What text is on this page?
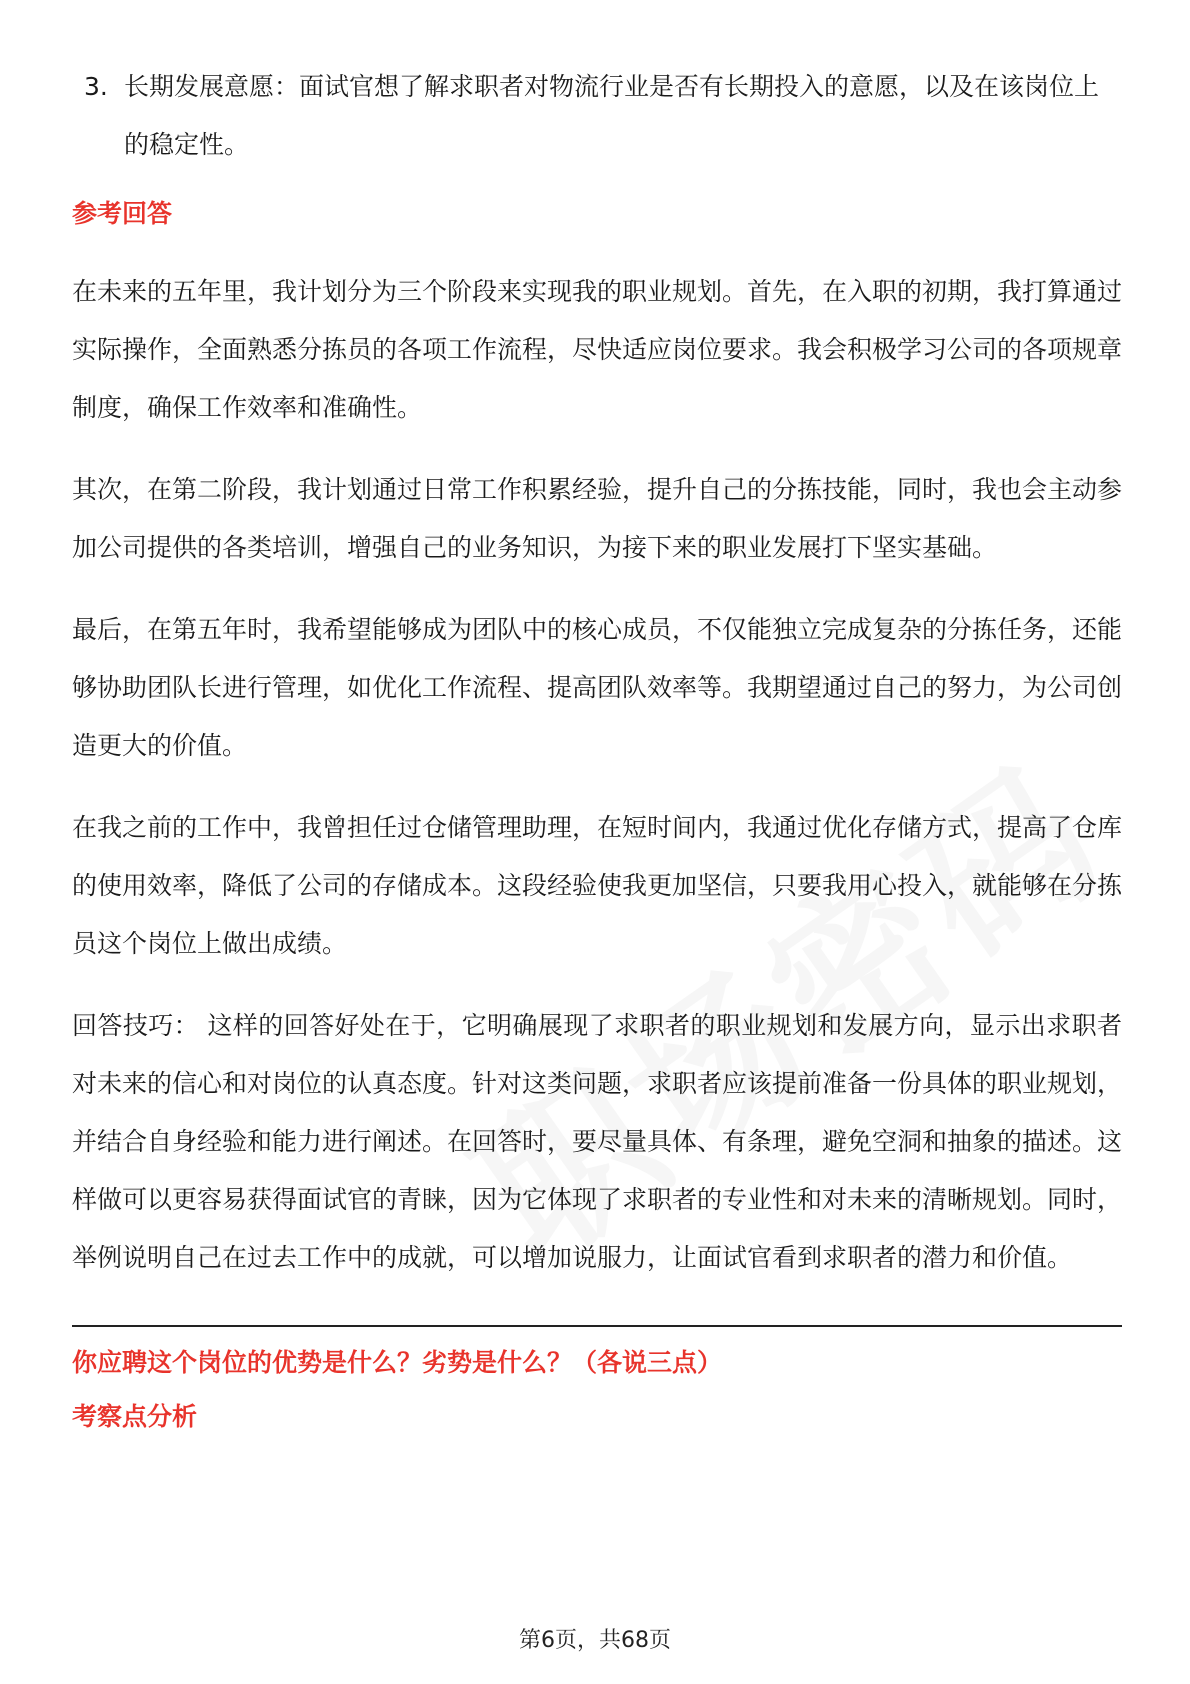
3. 长期发展意愿：面试官想了解求职者对物流行业是否有长期投入的意愿，以及在该岗位上的稳定性。

参考回答

在未来的五年里，我计划分为三个阶段来实现我的职业规划。首先，在入职的初期，我打算通过实际操作，全面熟悉分拣员的各项工作流程，尽快适应岗位要求。我会积极学习公司的各项规章制度，确保工作效率和准确性。

其次，在第二阶段，我计划通过日常工作积累经验，提升自己的分拣技能，同时，我也会主动参加公司提供的各类培训，增强自己的业务知识，为接下来的职业发展打下坚实基础。

最后，在第五年时，我希望能够成为团队中的核心成员，不仅能独立完成复杂的分拣任务，还能够协助团队长进行管理，如优化工作流程、提高团队效率等。我期望通过自己的努力，为公司创造更大的价值。

在我之前的工作中，我曾担任过仓储管理助理，在短时间内，我通过优化存储方式，提高了仓库的使用效率，降低了公司的存储成本。这段经验使我更加坚信，只要我用心投入，就能够在分拣员这个岗位上做出成绩。

回答技巧： 这样的回答好处在于，它明确展现了求职者的职业规划和发展方向，显示出求职者对未来的信心和对岗位的认真态度。针对这类问题，求职者应该提前准备一份具体的职业规划，并结合自身经验和能力进行阐述。在回答时，要尽量具体、有条理，避免空洞和抽象的描述。这样做可以更容易获得面试官的青睐，因为它体现了求职者的专业性和对未来的清晰规划。同时，举例说明自己在过去工作中的成就，可以增加说服力，让面试官看到求职者的潜力和价值。

你应聘这个岗位的优势是什么？劣势是什么？（各说三点）
考察点分析
第6页，共68页
